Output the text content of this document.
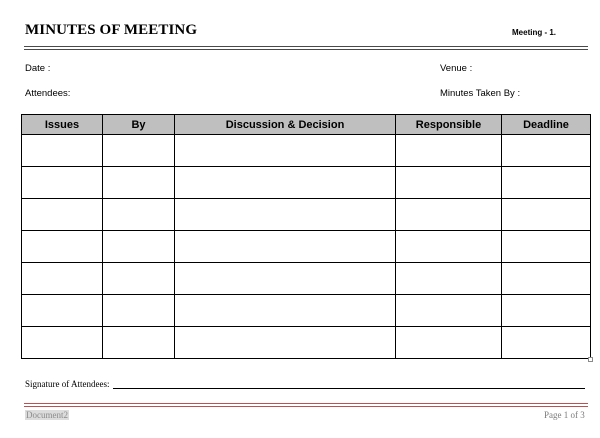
MINUTES OF MEETING	Meeting - 1.
Date :	Venue :
Attendees:	Minutes Taken By :
Issues	By	Discussion & Decision	Responsible	Deadline

Signature of Attendees:
Document2	Page 1 of 3
